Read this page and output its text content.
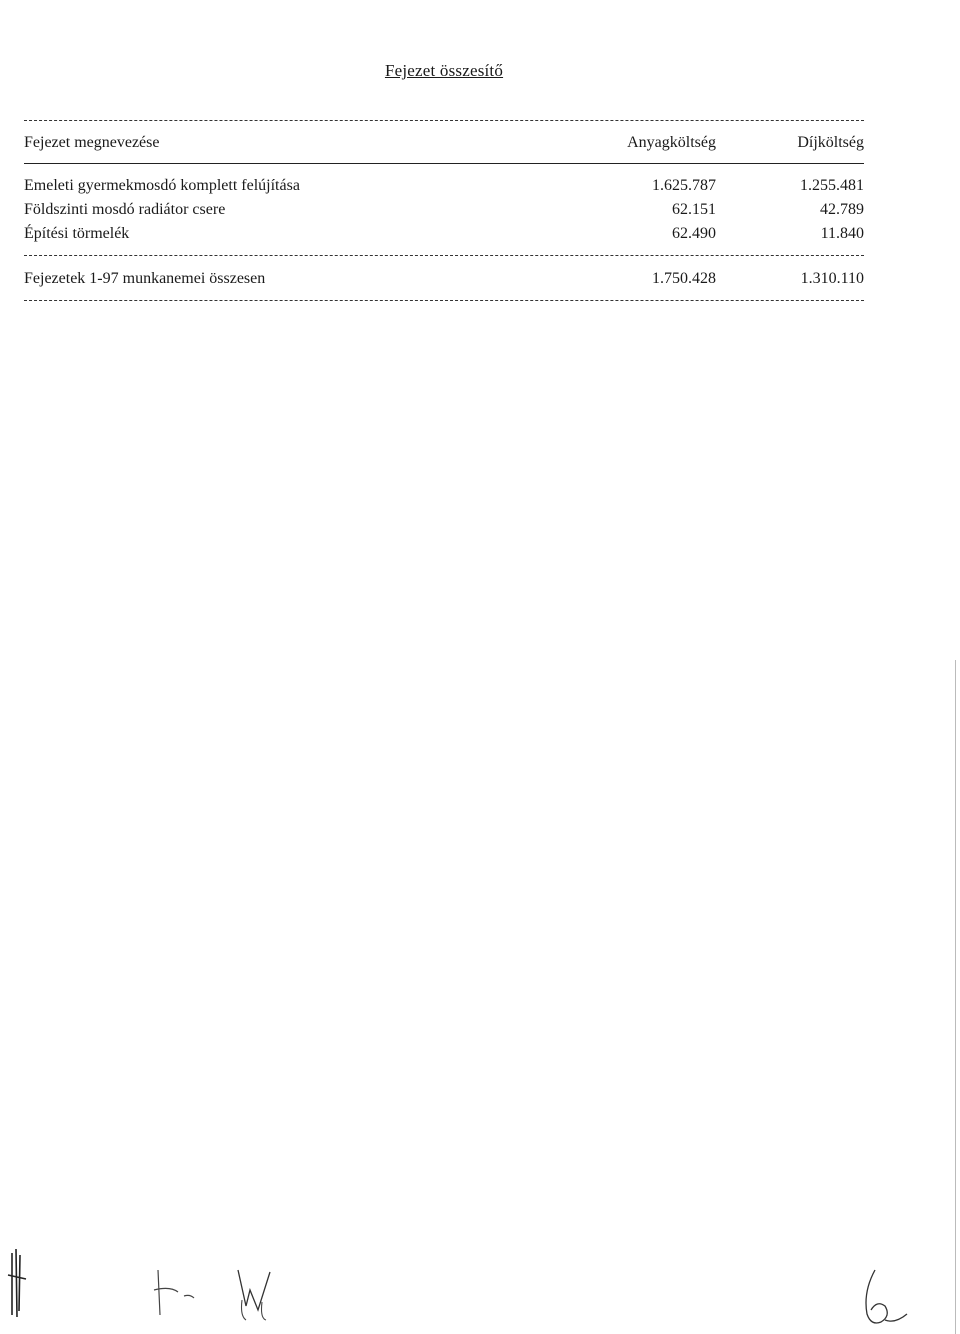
Fejezet összesítő
Fejezet megnevezése	Anyagköltség	Díjköltség
Emeleti gyermekmosdó komplett felújítása	1.625.787	1.255.481
Földszinti mosdó radiátor csere	62.151	42.789
Építési törmelék	62.490	11.840
Fejezetek 1-97 munkanemei összesen	1.750.428	1.310.110
